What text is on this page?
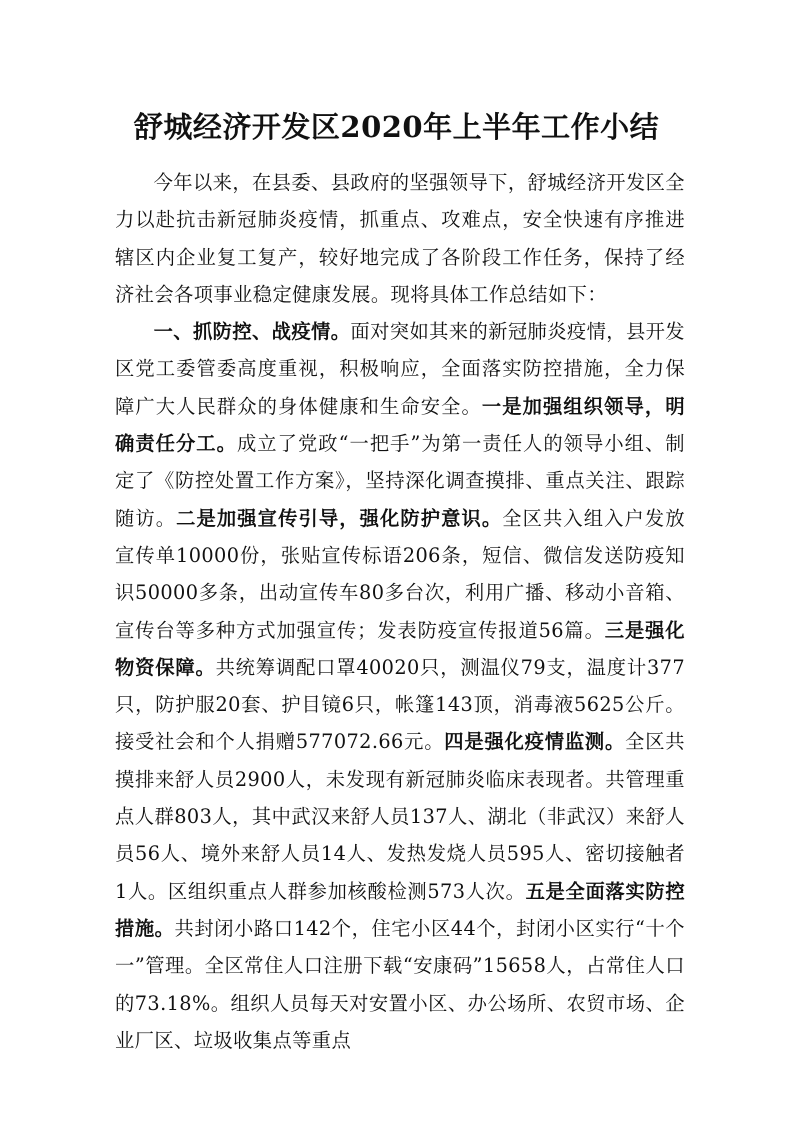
舒城经济开发区2020年上半年工作小结

今年以来，在县委、县政府的坚强领导下，舒城经济开发区全力以赴抗击新冠肺炎疫情，抓重点、攻难点，安全快速有序推进辖区内企业复工复产，较好地完成了各阶段工作任务，保持了经济社会各项事业稳定健康发展。现将具体工作总结如下：

一、抓防控、战疫情。面对突如其来的新冠肺炎疫情，县开发区党工委管委高度重视，积极响应，全面落实防控措施，全力保障广大人民群众的身体健康和生命安全。一是加强组织领导，明确责任分工。成立了党政“一把手”为第一责任人的领导小组、制定了《防控处置工作方案》，坚持深化调查摸排、重点关注、跟踪随访。二是加强宣传引导，强化防护意识。全区共入组入户发放宣传单10000份，张贴宣传标语206条，短信、微信发送防疫知识50000多条，出动宣传车80多台次，利用广播、移动小音箱、宣传台等多种方式加强宣传；发表防疫宣传报道56篇。三是强化物资保障。共统筹调配口罩40020只，测温仪79支，温度计377只，防护服20套、护目镜6只，帐篷143顶，消毒液5625公斤。接受社会和个人捐赠577072.66元。四是强化疫情监测。全区共摸排来舒人员2900人，未发现有新冠肺炎临床表现者。共管理重点人群803人，其中武汉来舒人员137人、湖北（非武汉）来舒人员56人、境外来舒人员14人、发热发烧人员595人、密切接触者1人。区组织重点人群参加核酸检测573人次。五是全面落实防控措施。共封闭小路口142个，住宅小区44个，封闭小区实行“十个一”管理。全区常住人口注册下载“安康码”15658人，占常住人口的73.18%。组织人员每天对安置小区、办公场所、农贸市场、企业厂区、垃圾收集点等重点
